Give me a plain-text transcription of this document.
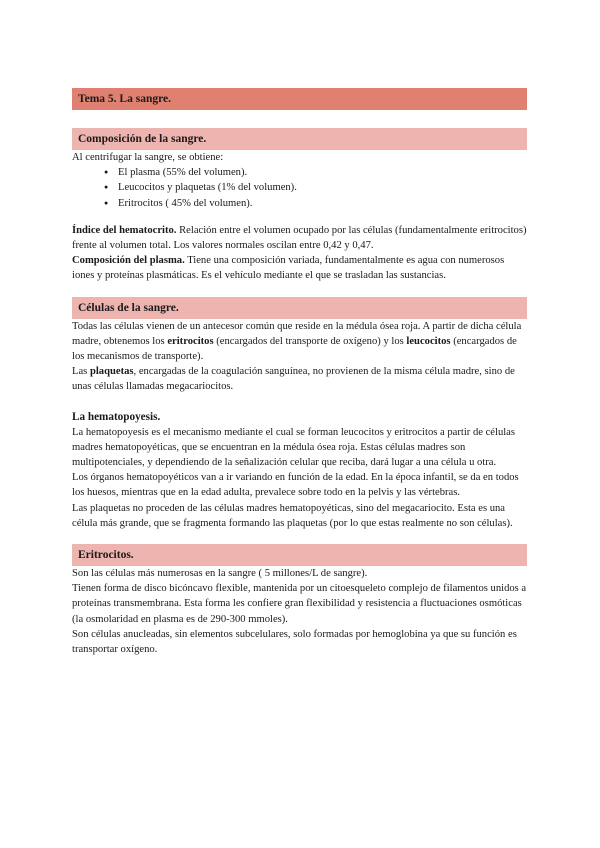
Tema 5. La sangre.
Composición de la sangre.

Al centrifugar la sangre, se obtiene:

● El plasma (55% del volumen).
● Leucocitos y plaquetas (1% del volumen).
● Eritrocitos ( 45% del volumen).

Índice del hematocrito. Relación entre el volumen ocupado por las células (fundamentalmente eritrocitos) frente al volumen total. Los valores normales oscilan entre 0,42 y 0,47.

Composición del plasma. Tiene una composición variada, fundamentalmente es agua con numerosos iones y proteínas plasmáticas. Es el vehículo mediante el que se trasladan las sustancias.

Células de la sangre.

Todas las células vienen de un antecesor común que reside en la médula ósea roja. A partir de dicha célula madre, obtenemos los eritrocitos (encargados del transporte de oxígeno) y los leucocitos (encargados de los mecanismos de transporte).

Las plaquetas, encargadas de la coagulación sanguínea, no provienen de la misma célula madre, sino de unas células llamadas megacariocitos.

La hematopoyesis.

La hematopoyesis es el mecanismo mediante el cual se forman leucocitos y eritrocitos a partir de células madres hematopoyéticas, que se encuentran en la médula ósea roja. Estas células madres son multipotenciales, y dependiendo de la señalización celular que reciba, dará lugar a una célula u otra.

Los órganos hematopoyéticos van a ir variando en función de la edad. En la época infantil, se da en todos los huesos, mientras que en la edad adulta, prevalece sobre todo en la pelvis y las vértebras.

Las plaquetas no proceden de las células madres hematopoyéticas, sino del megacariocito. Esta es una célula más grande, que se fragmenta formando las plaquetas (por lo que estas realmente no son células).

Eritrocitos.

Son las células más numerosas en la sangre ( 5 millones/L de sangre).

Tienen forma de disco bicóncavo flexible, mantenida por un citoesqueleto complejo de filamentos unidos a proteínas transmembrana. Esta forma les confiere gran flexibilidad y resistencia a fluctuaciones osmóticas (la osmolaridad en plasma es de 290-300 mmoles).

Son células anucleadas, sin elementos subcelulares, solo formadas por hemoglobina ya que su función es transportar oxígeno.
